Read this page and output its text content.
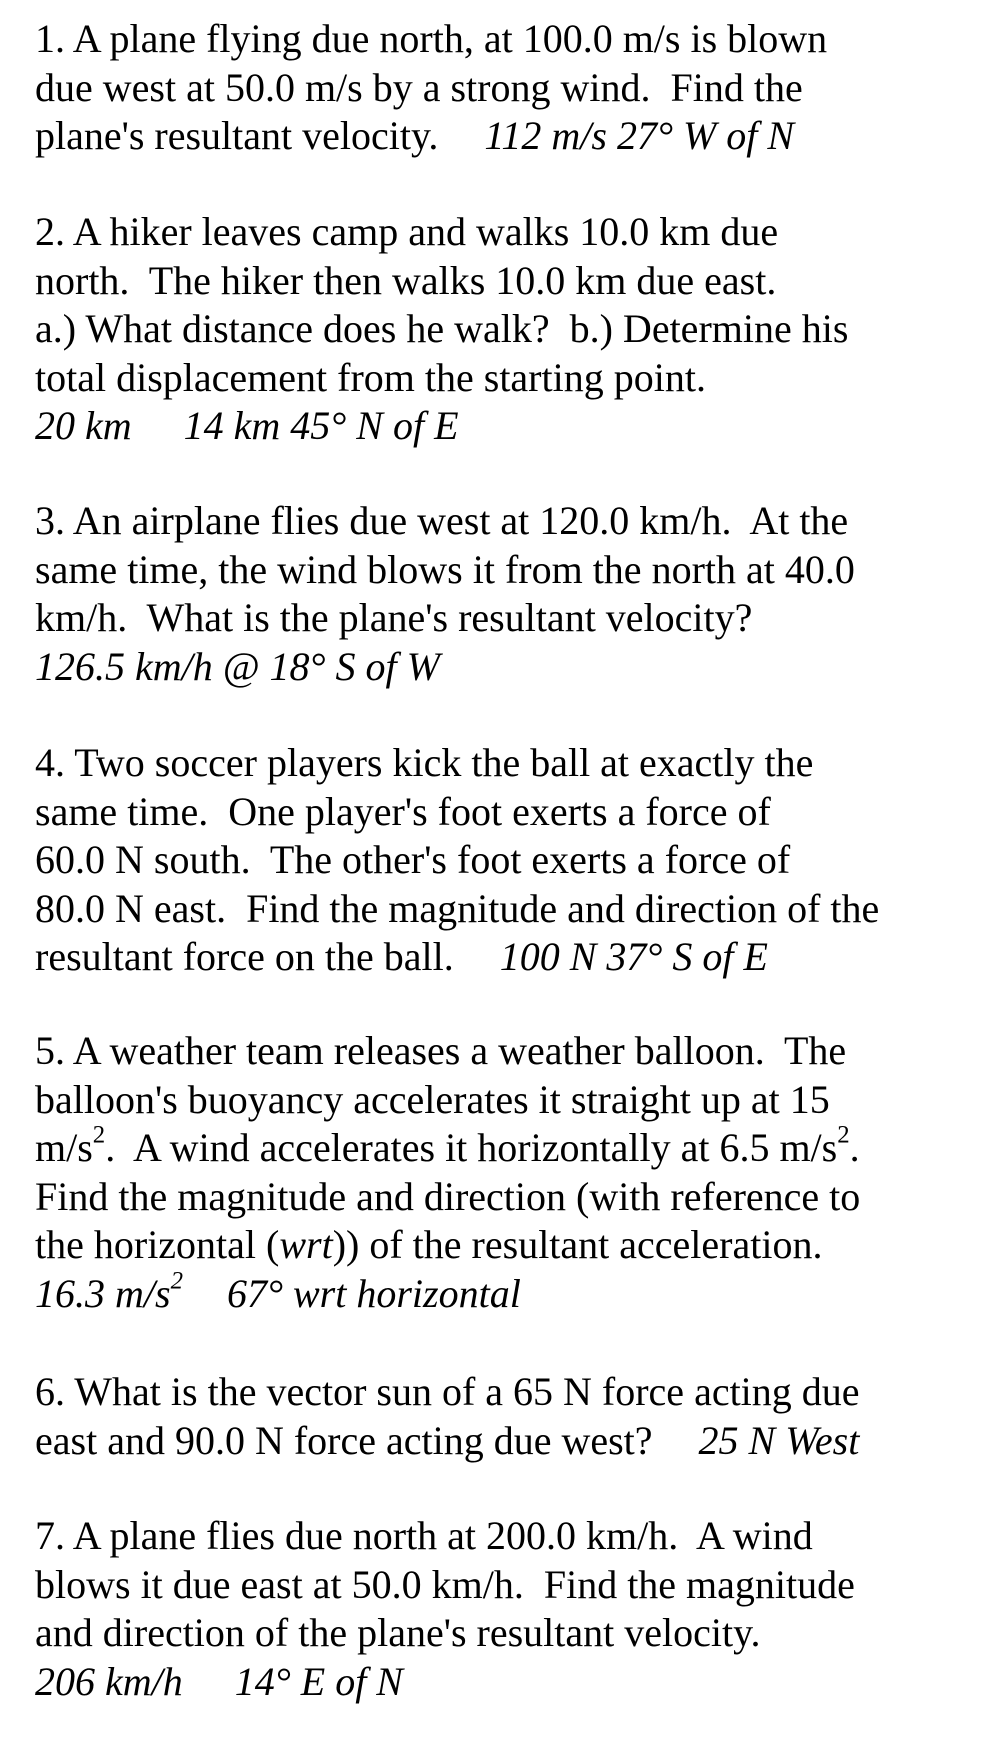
1. A plane flying due north, at 100.0 m/s is blown
due west at 50.0 m/s by a strong wind.  Find the
plane's resultant velocity. 112 m/s 27° W of N
2. A hiker leaves camp and walks 10.0 km due
north.  The hiker then walks 10.0 km due east.
a.) What distance does he walk?  b.) Determine his
total displacement from the starting point.
20 km 14 km 45° N of E
3. An airplane flies due west at 120.0 km/h.  At the
same time, the wind blows it from the north at 40.0
km/h.  What is the plane's resultant velocity?
126.5 km/h @ 18° S of W
4. Two soccer players kick the ball at exactly the
same time.  One player's foot exerts a force of
60.0 N south.  The other's foot exerts a force of
80.0 N east.  Find the magnitude and direction of the
resultant force on the ball. 100 N 37° S of E
5. A weather team releases a weather balloon.  The
balloon's buoyancy accelerates it straight up at 15
$m/s^2$.  A wind accelerates it horizontally at 6.5 $m/s^2$.
Find the magnitude and direction (with reference to
the horizontal (wrt)) of the resultant acceleration.
16.3 $m/s^2$ 67° wrt horizontal
6. What is the vector sun of a 65 N force acting due
east and 90.0 N force acting due west? 25 N West
7. A plane flies due north at 200.0 km/h.  A wind
blows it due east at 50.0 km/h.  Find the magnitude
and direction of the plane's resultant velocity.
206 km/h 14° E of N
